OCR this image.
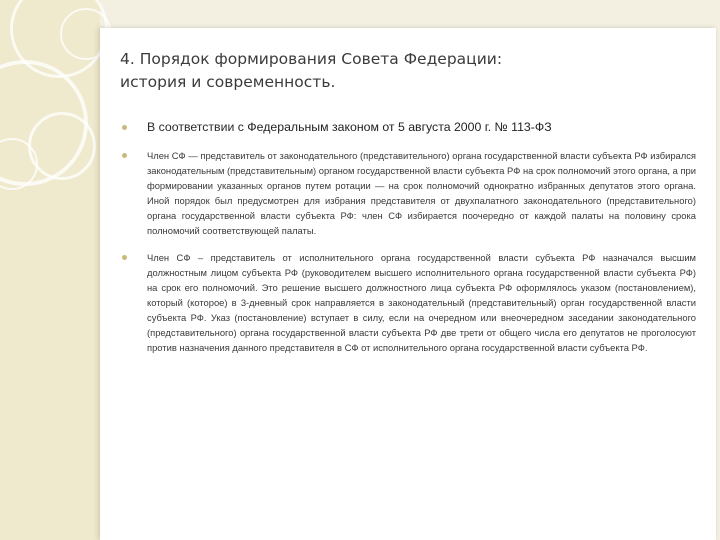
4. Порядок формирования Совета Федерации: история и современность.
В соответствии с Федеральным законом от 5 августа 2000 г. № 113-ФЗ
Член СФ — представитель от законодательного (представительного) органа государственной власти субъекта РФ избирался законодательным (представительным) органом государственной власти субъекта РФ на срок полномочий этого органа, а при формировании указанных органов путем ротации — на срок полномочий однократно избранных депутатов этого органа. Иной порядок был предусмотрен для избрания представителя от двухпалатного законодательного (представительного) органа государственной власти субъекта РФ: член СФ избирается поочередно от каждой палаты на половину срока полномочий соответствующей палаты.
Член СФ – представитель от исполнительного органа государственной власти субъекта РФ назначался высшим должностным лицом субъекта РФ (руководителем высшего исполнительного органа государственной власти субъекта РФ) на срок его полномочий. Это решение высшего должностного лица субъекта РФ оформлялось указом (постановлением), который (которое) в 3-дневный срок направляется в законодательный (представительный) орган государственной власти субъекта РФ. Указ (постановление) вступает в силу, если на очередном или внеочередном заседании законодательного (представительного) органа государственной власти субъекта РФ две трети от общего числа его депутатов не проголосуют против назначения данного представителя в СФ от исполнительного органа государственной власти субъекта РФ.
